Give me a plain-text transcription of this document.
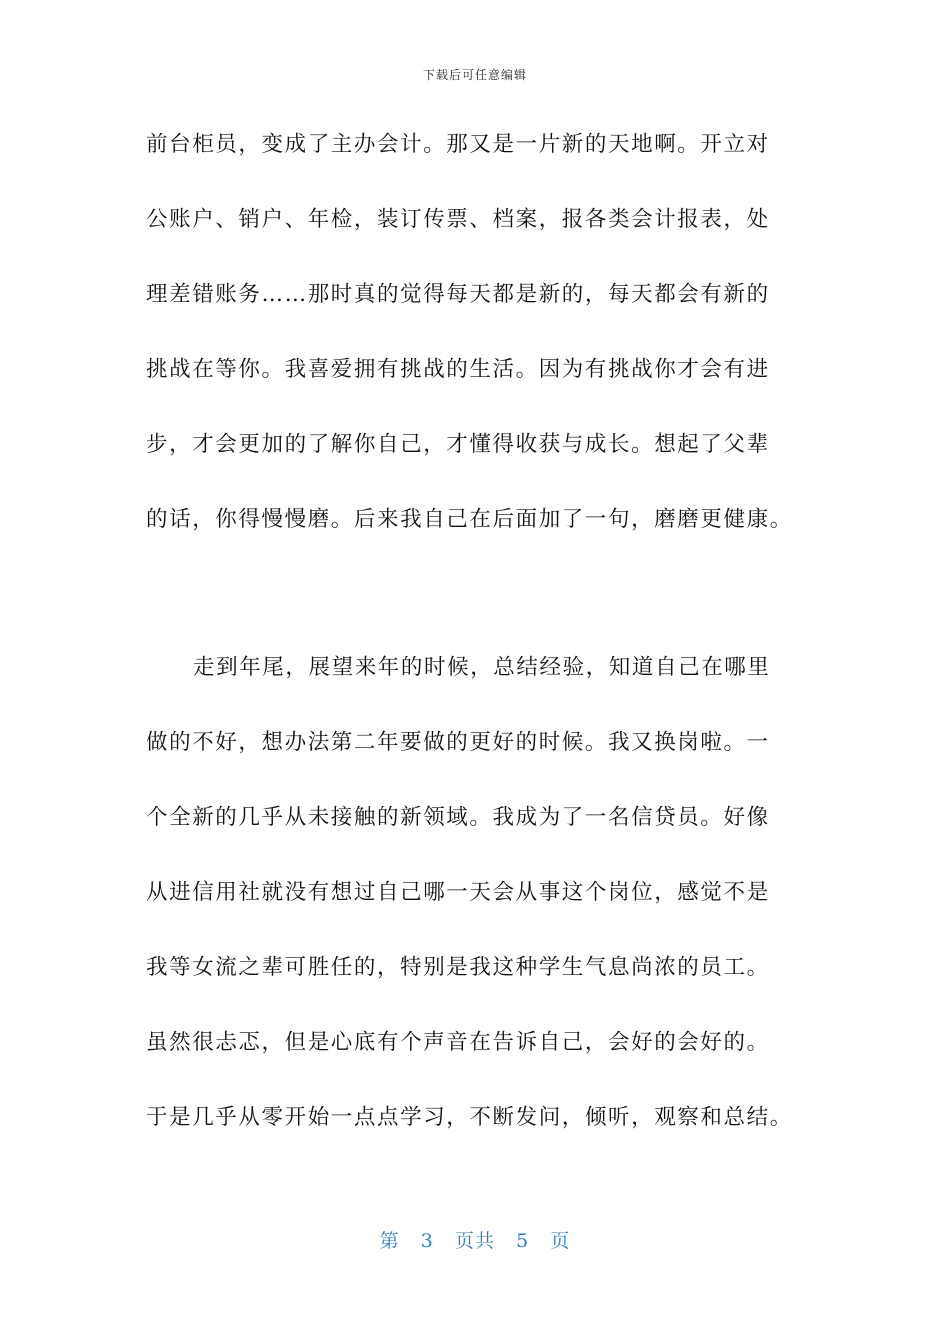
下载后可任意编辑
前台柜员，变成了主办会计。那又是一片新的天地啊。开立对
公账户、销户、年检，装订传票、档案，报各类会计报表，处
理差错账务……那时真的觉得每天都是新的，每天都会有新的
挑战在等你。我喜爱拥有挑战的生活。因为有挑战你才会有进
步，才会更加的了解你自己，才懂得收获与成长。想起了父辈
的话，你得慢慢磨。后来我自己在后面加了一句，磨磨更健康。
走到年尾，展望来年的时候，总结经验，知道自己在哪里
做的不好，想办法第二年要做的更好的时候。我又换岗啦。一
个全新的几乎从未接触的新领域。我成为了一名信贷员。好像
从进信用社就没有想过自己哪一天会从事这个岗位，感觉不是
我等女流之辈可胜任的，特别是我这种学生气息尚浓的员工。
虽然很忐忑，但是心底有个声音在告诉自己，会好的会好的。
于是几乎从零开始一点点学习，不断发问，倾听，观察和总结。
第 3 页共 5 页
